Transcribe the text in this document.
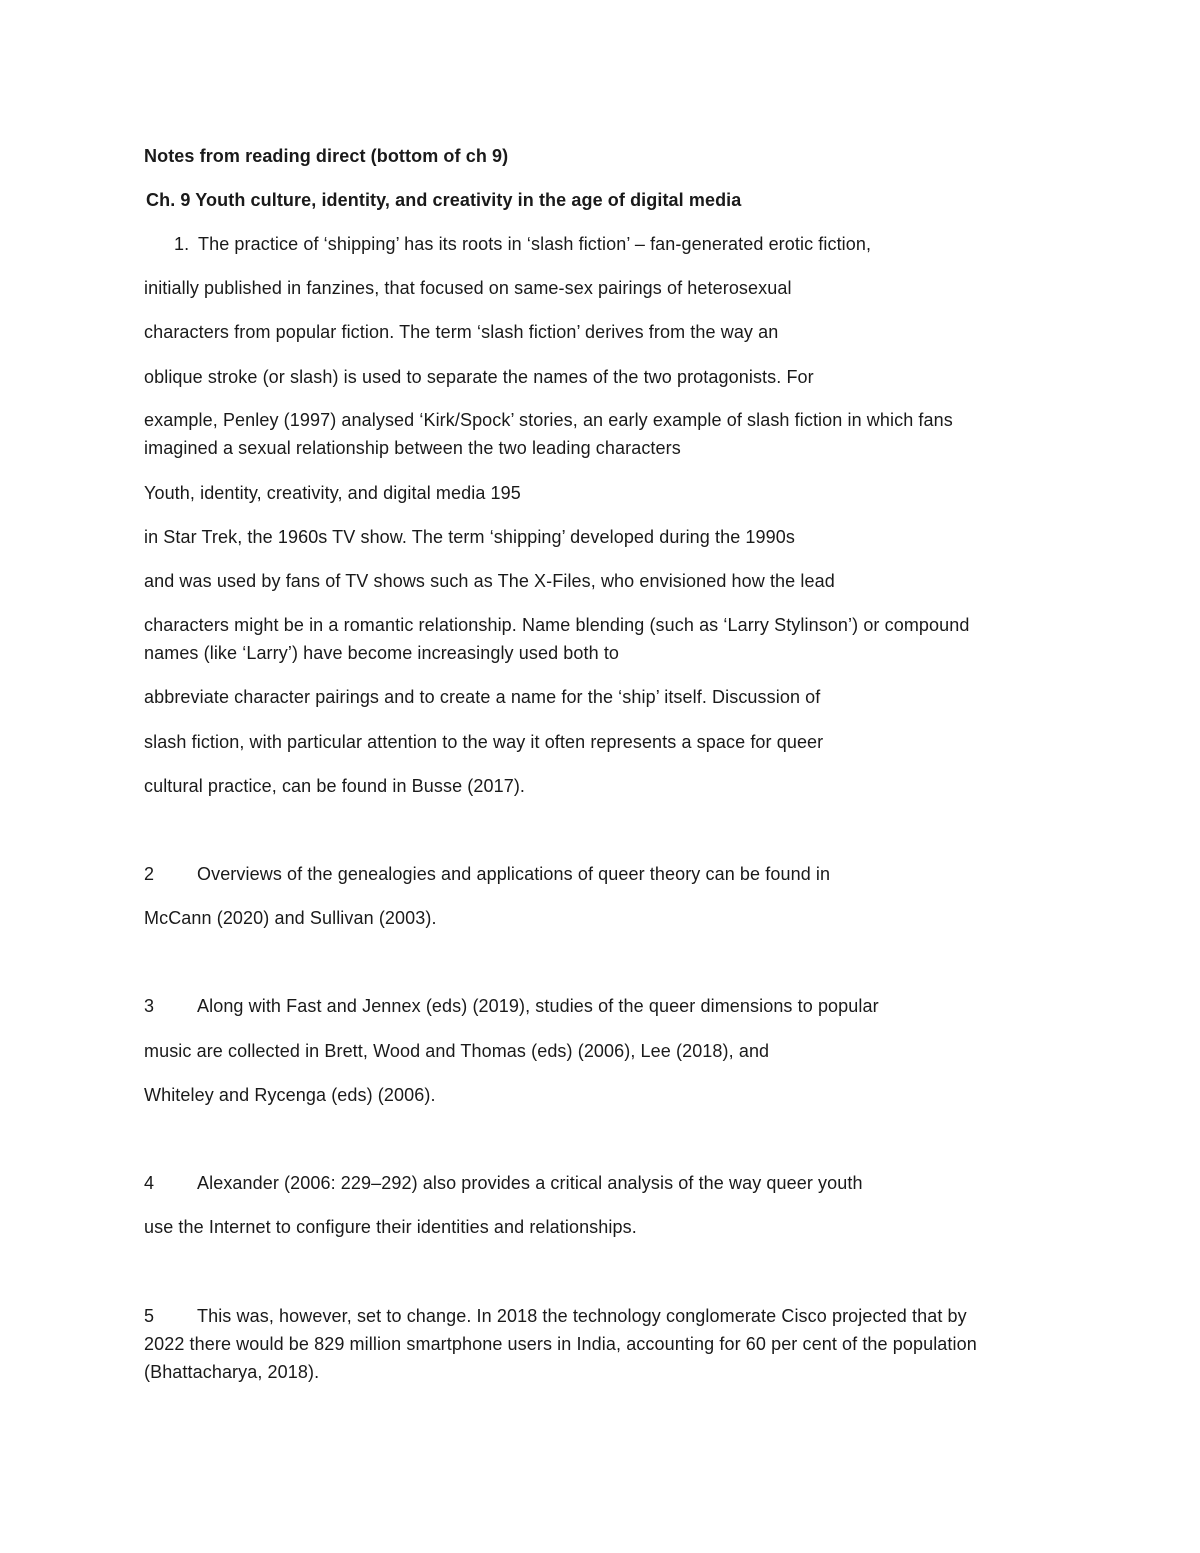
Notes from reading direct (bottom of ch 9)
Ch. 9 Youth culture, identity, and creativity in the age of digital media
1. The practice of ‘shipping’ has its roots in ‘slash fiction’ – fan-generated erotic fiction,
initially published in fanzines, that focused on same-sex pairings of heterosexual
characters from popular fiction. The term ‘slash fiction’ derives from the way an
oblique stroke (or slash) is used to separate the names of the two protagonists. For
example, Penley (1997) analysed ‘Kirk/Spock’ stories, an early example of slash fiction in which fans
imagined a sexual relationship between the two leading characters
Youth, identity, creativity, and digital media 195
in Star Trek, the 1960s TV show. The term ‘shipping’ developed during the 1990s
and was used by fans of TV shows such as The X-Files, who envisioned how the lead
characters might be in a romantic relationship. Name blending (such as ‘Larry Stylinson’) or compound
names (like ‘Larry’) have become increasingly used both to
abbreviate character pairings and to create a name for the ‘ship’ itself. Discussion of
slash fiction, with particular attention to the way it often represents a space for queer
cultural practice, can be found in Busse (2017).
2 Overviews of the genealogies and applications of queer theory can be found in
McCann (2020) and Sullivan (2003).
3 Along with Fast and Jennex (eds) (2019), studies of the queer dimensions to popular
music are collected in Brett, Wood and Thomas (eds) (2006), Lee (2018), and
Whiteley and Rycenga (eds) (2006).
4 Alexander (2006: 229–292) also provides a critical analysis of the way queer youth
use the Internet to configure their identities and relationships.
5 This was, however, set to change. In 2018 the technology conglomerate Cisco projected that by
2022 there would be 829 million smartphone users in India, accounting for 60 per cent of the population
(Bhattacharya, 2018).
